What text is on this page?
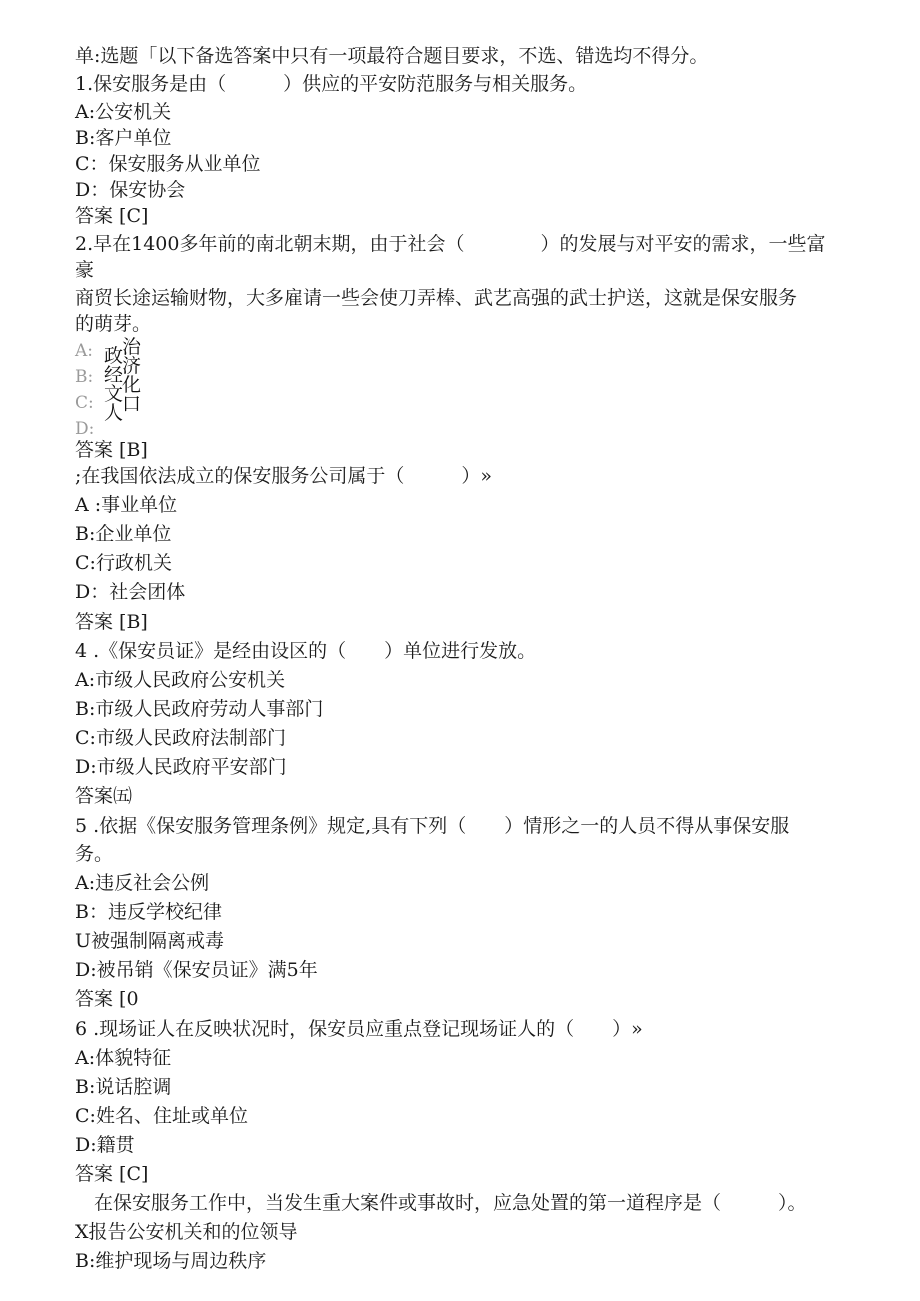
单:选题「以下备选答案中只有一项最符合题目要求，不选、错选均不得分。
1.保安服务是由（　　　）供应的平安防范服务与相关服务。
A:公安机关
B:客户单位
C：保安服务从业单位
D：保安协会
答案 [C]
2.早在1400多年前的南北朝末期，由于社会（　　　　）的发展与对平安的需求，一些富
豪
商贸长途运输财物，大多雇请一些会使刀弄棒、武艺高强的武士护送，这就是保安服务
的萌芽。
A:
B:
C:
D:
政
经
文
人
治
济
化
口
答案 [B]
;在我国依法成立的保安服务公司属于（　　　）»
A :事业单位
B:企业单位
C:行政机关
D：社会团体
答案 [B]
4 .《保安员证》是经由设区的（　　）单位进行发放。
A:市级人民政府公安机关
B:市级人民政府劳动人事部门
C:市级人民政府法制部门
D:市级人民政府平安部门
答案㈤
5 .依据《保安服务管理条例》规定,具有下列（　　）情形之一的人员不得从事保安服
务。
A:违反社会公例
B：违反学校纪律
U被强制隔离戒毒
D:被吊销《保安员证》满5年
答案 [0
6 .现场证人在反映状况时，保安员应重点登记现场证人的（　　）»
A:体貌特征
B:说话腔调
C:姓名、住址或单位
D:籍贯
答案 [C]
　在保安服务工作中，当发生重大案件或事故时，应急处置的第一道程序是（　　　）。
X报告公安机关和的位领导
B:维护现场与周边秩序
